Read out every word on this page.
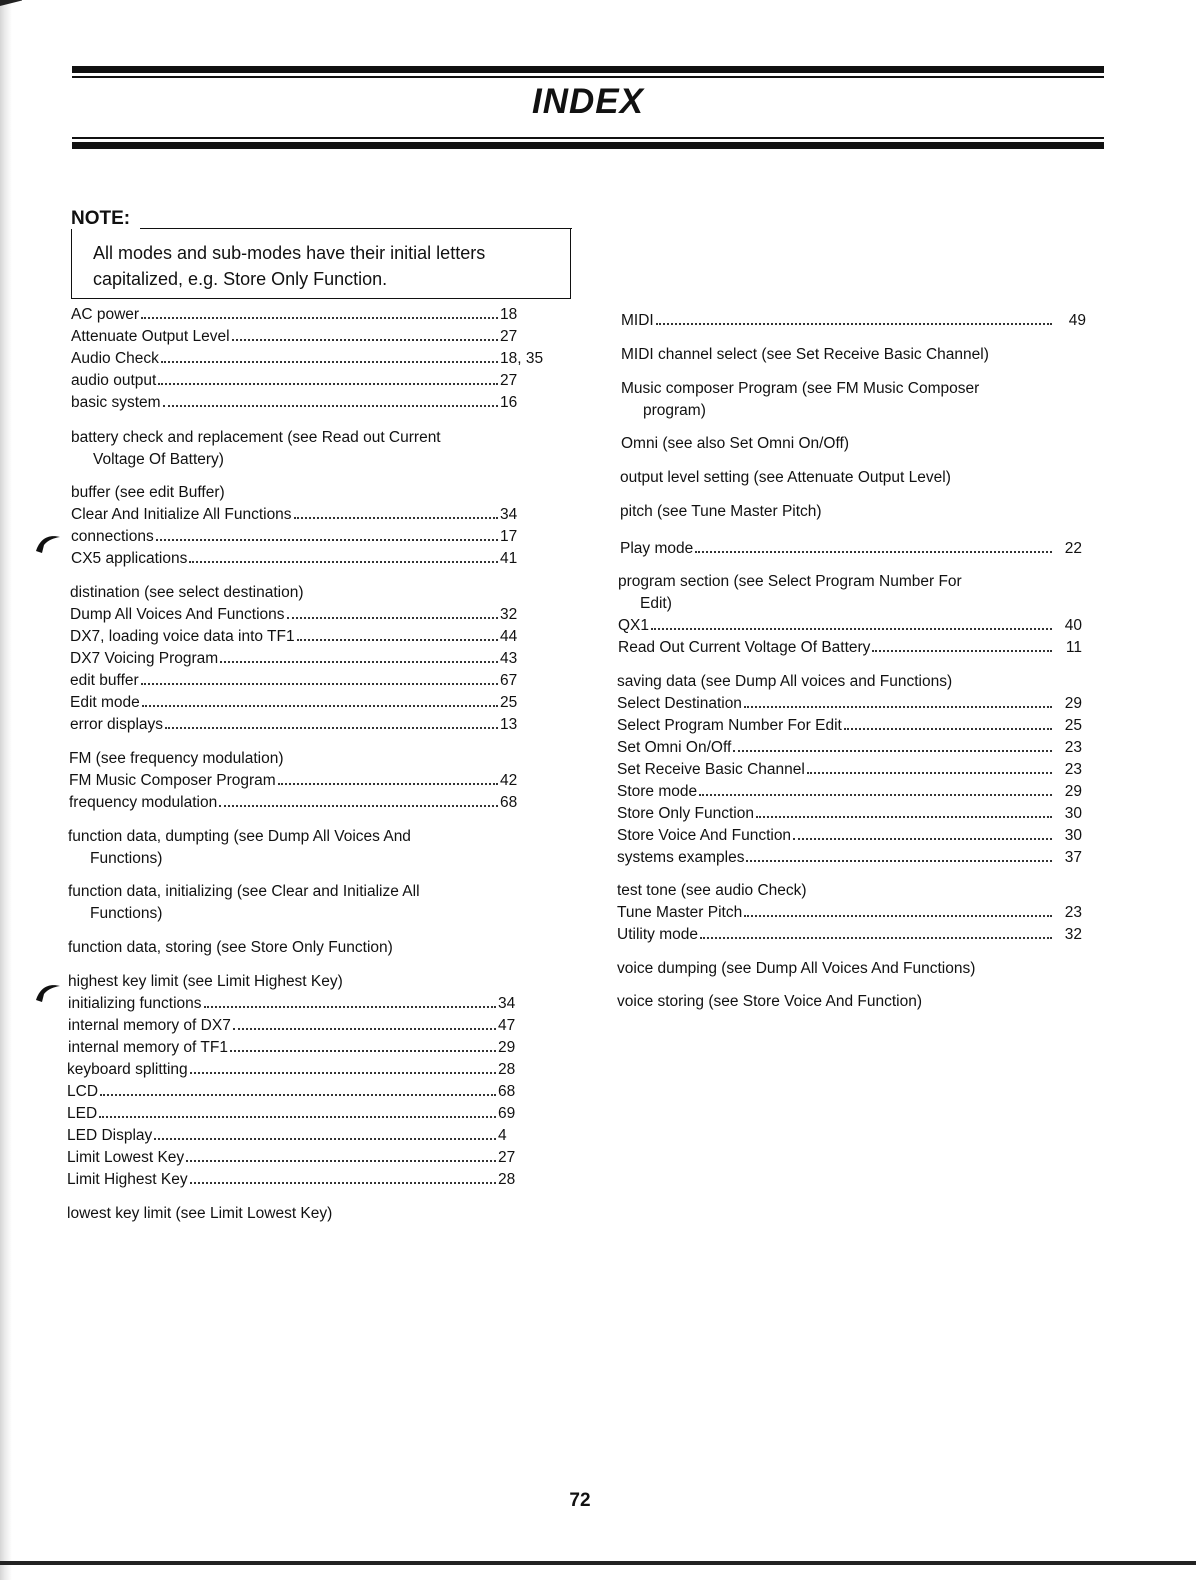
INDEX
NOTE:
All modes and sub-modes have their initial letters
capitalized, e.g. Store Only Function.
AC power	18
Attenuate Output Level	27
Audio Check	18, 35
audio output	27
basic system	16
battery check and replacement (see Read out Current
Voltage Of Battery)
buffer (see edit Buffer)
Clear And Initialize All Functions	34
connections	17
CX5 applications	41
distination (see select destination)
Dump All Voices And Functions	32
DX7, loading voice data into TF1	44
DX7 Voicing Program	43
edit buffer	67
Edit mode	25
error displays	13
FM (see frequency modulation)
FM Music Composer Program	42
frequency modulation	68
function data, dumpting (see Dump All Voices And
Functions)
function data, initializing (see Clear and Initialize All
Functions)
function data, storing (see Store Only Function)
highest key limit (see Limit Highest Key)
initializing functions	34
internal memory of DX7	47
internal memory of TF1	29
keyboard splitting	28
LCD	68
LED	69
LED Display	4
Limit Lowest Key	27
Limit Highest Key	28
lowest key limit (see Limit Lowest Key)
MIDI	49
MIDI channel select (see Set Receive Basic Channel)
Music composer Program (see FM Music Composer
program)
Omni (see also Set Omni On/Off)
output level setting (see Attenuate Output Level)
pitch (see Tune Master Pitch)
Play mode	22
program section (see Select Program Number For
Edit)
QX1	40
Read Out Current Voltage Of Battery	11
saving data (see Dump All voices and Functions)
Select Destination	29
Select Program Number For Edit	25
Set Omni On/Off	23
Set Receive Basic Channel	23
Store mode	29
Store Only Function	30
Store Voice And Function	30
systems examples	37
test tone (see audio Check)
Tune Master Pitch	23
Utility mode	32
voice dumping (see Dump All Voices And Functions)
voice storing (see Store Voice And Function)
72
